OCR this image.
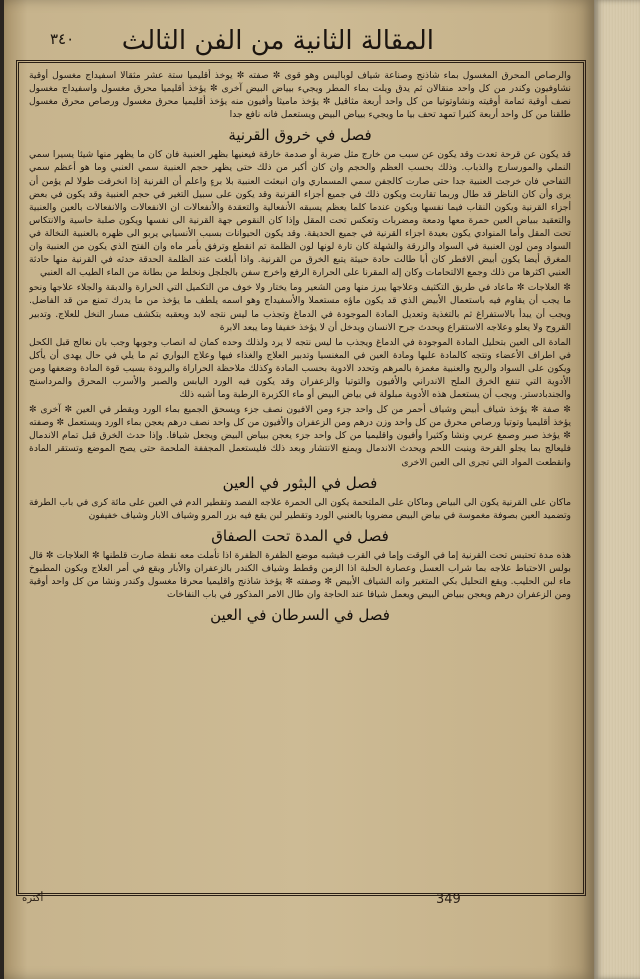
٣٤٠ المقالة الثانية من الفن الثالث
والرصاص المحرق المغسول بماء شاذنج وصناعة شياف لوباليس وهو قوى ✼ صفته ✼ يوخذ أقليميا ستة عشر مثقالا اسفيداج مغسول أوقية نشاوفيون وكندر من كل واحد منقالان ثم يدق ويلت بماء المطر ويجيء بيياض البيض آخرى ✼ يؤخذ أقليميا محرق مغسول واسفيداج مغسول نصف أوقية ثمامة أوقيته ونشاوتوتيا من كل واحد أربعة مثاقيل ✼ يؤخذ ماميثا وأفيون منه يؤخذ أقليميا محرق مغسول ورصاص محرق مغسول طلقنا من كل واحد أربعة كثيرا تمهد تحف بيا ما ويجيء بيياض البيض ويستعمل فانه نافع جدا
فصل في خروق القرنية
قد يكون عن قرحة تعدت وقد يكون عن سبب من خارج مثل ضربة أو صدمة خارقة فيعنيها بظهر العنبية فان كان ما يظهر منها شيئا يسيرا سمي النملي والمورسارج والذباب. وذلك بحسب العظم والحجم وان كان أكبر من ذلك حتى يظهر حجم العنبية سمي العنبي وما هو أعظم سمي التفاحي فان خرجت العنبية جدا حتى صارت كالجفن سمي المسماري وان انبعثت العنبية بلا برءٍ واعلم أن القرنية إذا انخرقت طولا لم يؤمن أن يرى وأن كان الناظر قد طال وربما تقاربت ويكون ذلك في جميع أجزاء القرنية وقد يكون على سبيل التغير في حجم العنبية وقد يكون في بعض أجزاء القرنية ويكون النقاب فيما نفسها ويكون عندما كلما يعظم يسبقه الأنفعالية والتعقدة والأنفعالات ان الانفعالات والانفعالات بالعين والعنبية والتعقيد ببياض العين حمرة معها ودمعة ومضربات وتعكس تحت المقل وإذا كان النقوص جهة القرنية الى نفسها ويكون صلبة حاسية والانتكاس تحت المقل وأما المنوادي يكون بعيدة اجزاء القرنية في جميع الحديقة. وقد يكون الحيوانات بسبب الأنسيابي يربو الى ظهره بالعنبية النخالة في السواد ومن لون العنبية في السواد والزرقة والشهلة كان تارة لونها لون الظلمة تم انقطع وترفق بأمر ماه وان الفتح الذي يكون من العنبية وان المغرق أيضا يكون أبيض الافطر كان أبا طالت حادة حبيثة يتبع الخرق من القرنية. واذا أبلغت عند الظلمة الحدقة حدثه في القرنية منها حادثة العنبي اكثرها من ذلك وجمع الالتحامات وكان إله المقرنا على الحرارة الرفع واخرج سفن بالجلجل ونخلط من بطانة من الماء الطيب اله العنبي
✼ العلاجات ✼ ماعاد في طريق التكثيف وعلاجها يبرز منها ومن الشعير وما يختار ولا خوف من التكميل التي الحرارة والدبقة والجلاء علاجها ونحو ما يجب أن يقاوم فيه باستعمال الأبيض الذي قد يكون ماؤه مستعملا والأسفيداج وهو اسمه يلطف ما يؤخذ من ما يدرك تمنع من قد الفاضل. ويجب أن يبدأ بالاستفراغ ثم بالتغذية وتعديل المادة الموجودة في الدماغ وتجذب ما ليس نتجه لابد ويعقبه بتكشف مسار النخل للعلاج. وتدبير القروح ولا يعلو وعلاجه الاستقراع ويحدث جرح الانسان ويدخل أن لا يؤخذ خفيفا وما يبعد الابرة
المادة الى العين بتحليل المادة الموجودة في الدماغ ويجذب ما ليس نتجه لا يرد ولذلك وحده كمان له انصاب وجوبها وجب بان نعالج قبل الكحل في اطراف الأعضاء ونتجه كالمادة عليها ومادة العين في المغنسيا وتدبير العلاج والغذاء فيها وعلاج البواري ثم ما يلي في حال يهدى أن يأكل ويكون على السواد والريح والعنبية مغمزة بالمرهم وتحدد الادوية بحسب المادة وكذلك ملاحظة الحراراة والبرودة بسبب قوة المادة وضعفها ومن الأدوية التي تنفع الخرق الملح الاندراني والأفيون والتوتيا والزعفران وقد يكون فيه الورد اليابس والصبر والأسرب المحرق والمرداسنج والجندبادستر. ويجب أن يستعمل هذه الأدوية مبلولة في بياض البيض أو ماء الكزبرة الرطبة وما أشبه ذلك
✼ صفة ✼ يؤخذ شياف أبيض وشياف أحمر من كل واحد جزء ومن الافيون نصف جزء ويسحق الجميع بماء الورد ويقطر في العين ✼ آخرى ✼ يؤخذ أقليميا وتوتيا ورصاص محرق من كل واحد وزن درهم ومن الزعفران والأفيون من كل واحد نصف درهم يعجن بماء الورد ويستعمل ✼ وصفته ✼ يؤخذ صبر وصمغ عربي ونشا وكثيرا وأفيون واقليميا من كل واحد جزء يعجن ببياض البيض ويجعل شيافا. وإذا حدث الخرق قبل تمام الاندمال فليعالج بما يجلو القرحة وينبت اللحم ويحدث الاندمال ويمنع الانتشار وبعد ذلك فليستعمل المجففة الملحمة حتى يصح الموضع وتستقر المادة وانقطعت المواد التي تجرى الى العين الاخرى
فصل في البثور في العين
ماكان على القرنية يكون الى البياض وماكان على الملتحمة يكون الى الحمرة علاجه الفصد وتقطير الدم في العين على مائة كرى في باب الطرفة وتضميد العين بصوفة مغموسة في بياض البيض مضروبا بالعنبي الورد وتقطير لبن يقع فيه بزر المرو وشياف الابار وشياف خفيفون
فصل في المدة تحت الصفاق
هذه مدة تحتبس تحت القرنية إما في الوقت وإما في القرب فيشبه موضع الظفرة الظفرة اذا تأملت معه نقطة صارت قلطنها ✼ العلاجات ✼ قال بولس الاحتباط علاجه بما شراب العسل وعصارة الحلبة اذا الزمن وقطط وشياف الكندر بالزعفران والأبار ويقع في أمر العلاج ويكون المطبوخ ماء لبن الحليب. ويقع التحليل بكي المتغير وانه الشياف الأبيض ✼ وصفته ✼ يؤخذ شاذنج واقليميا محرقا مغسول وكندر ونشا من كل واحد أوقية ومن الزعفران درهم ويعجن ببياض البيض ويعمل شيافا عند الحاجة وان طال الامر المذكور في باب النفاخات
فصل في السرطان في العين
أكثره	349
